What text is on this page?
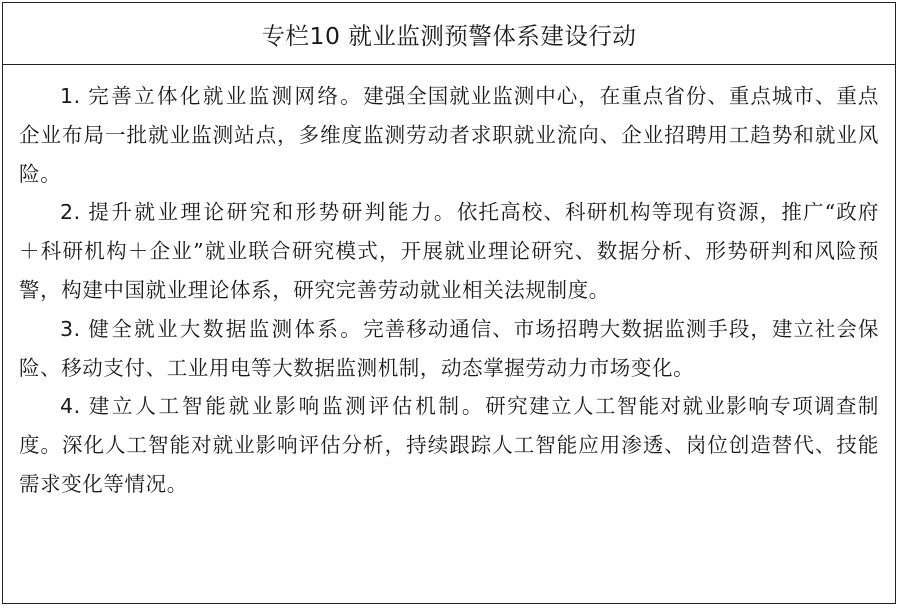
专栏10 就业监测预警体系建设行动

1. 完善立体化就业监测网络。建强全国就业监测中心，在重点省份、重点城市、重点企业布局一批就业监测站点，多维度监测劳动者求职就业流向、企业招聘用工趋势和就业风险。

2. 提升就业理论研究和形势研判能力。依托高校、科研机构等现有资源，推广“政府＋科研机构＋企业”就业联合研究模式，开展就业理论研究、数据分析、形势研判和风险预警，构建中国就业理论体系，研究完善劳动就业相关法规制度。

3. 健全就业大数据监测体系。完善移动通信、市场招聘大数据监测手段，建立社会保险、移动支付、工业用电等大数据监测机制，动态掌握劳动力市场变化。

4. 建立人工智能就业影响监测评估机制。研究建立人工智能对就业影响专项调查制度。深化人工智能对就业影响评估分析，持续跟踪人工智能应用渗透、岗位创造替代、技能需求变化等情况。
